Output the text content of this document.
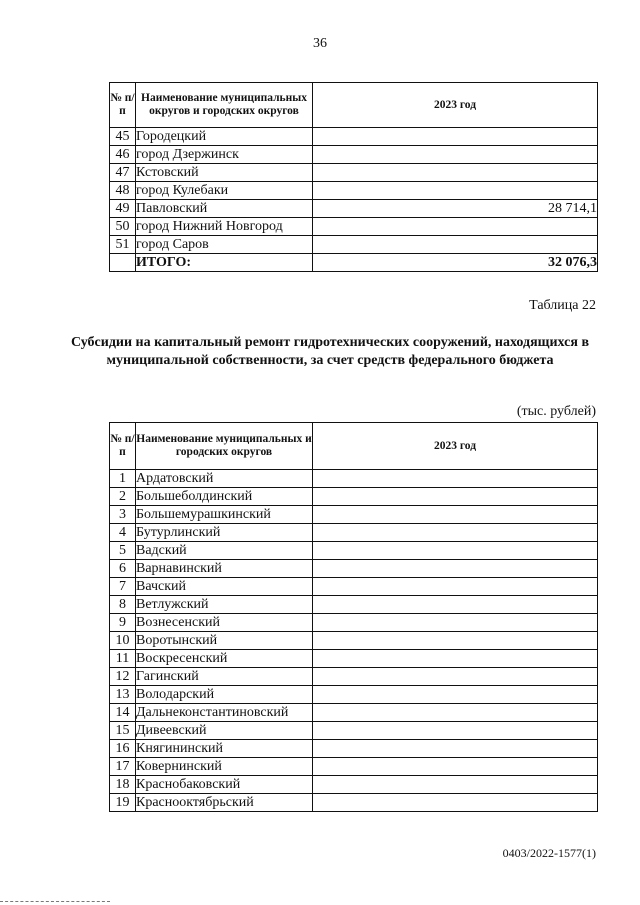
36
№ п/п	Наименование муниципальных округов и городских округов	2023 год
45	Городецкий	
46	город Дзержинск	
47	Кстовский	
48	город Кулебаки	
49	Павловский	28 714,1
50	город Нижний Новгород	
51	город Саров	
	ИТОГО:	32 076,3
Таблица 22
Субсидии на капитальный ремонт гидротехнических сооружений, находящихся в муниципальной собственности, за счет средств федерального бюджета
(тыс. рублей)
№ п/п	Наименование муниципальных и городских округов	2023 год
1	Ардатовский	
2	Большеболдинский	
3	Большемурашкинский	
4	Бутурлинский	
5	Вадский	
6	Варнавинский	
7	Вачский	
8	Ветлужский	
9	Вознесенский	
10	Воротынский	
11	Воскресенский	
12	Гагинский	
13	Володарский	
14	Дальнеконстантиновский	
15	Дивеевский	
16	Княгининский	
17	Ковернинский	
18	Краснобаковский	
19	Краснооктябрьский	
0403/2022-1577(1)
